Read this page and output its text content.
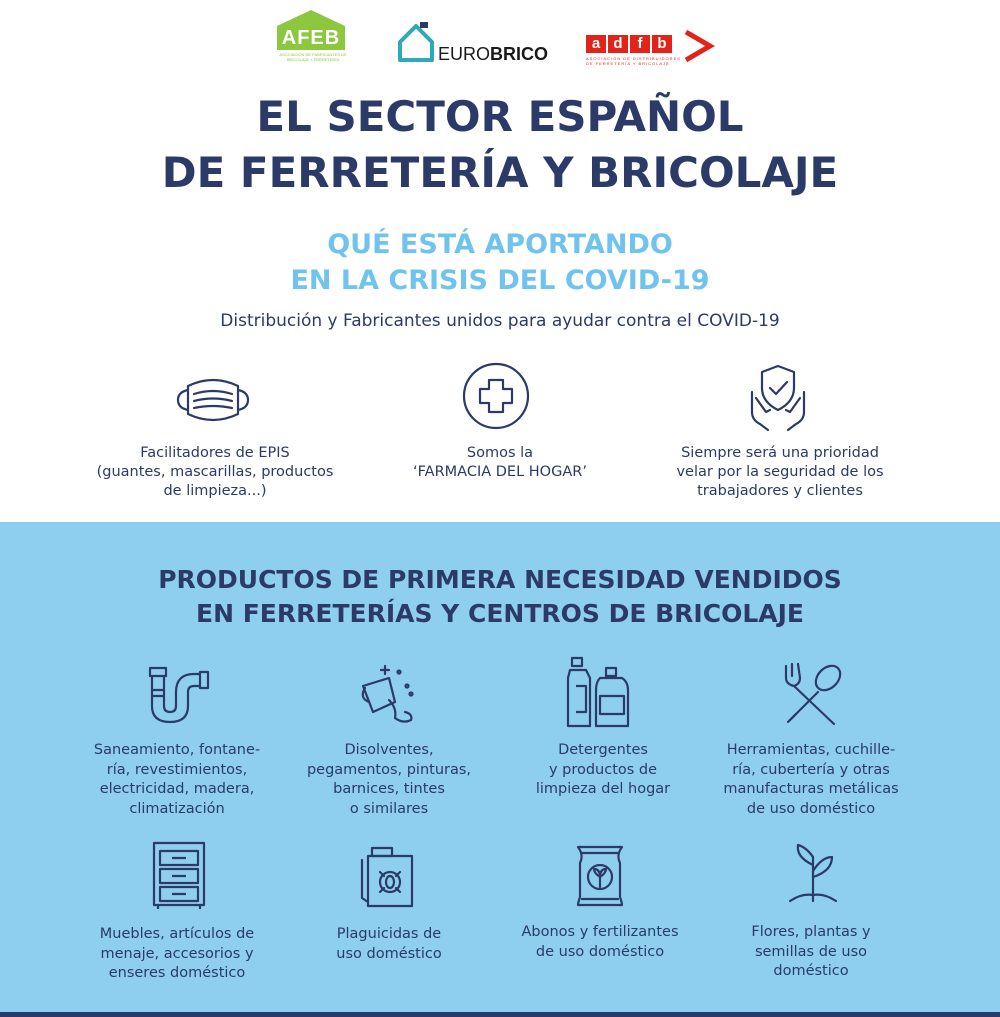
AFEB
ASOCIACIÓN DE FABRICANTES DE BRICOLAJE Y FERRETERÍA	EUROBRICO
a d f b
ASOCIACIÓN DE DISTRIBUIDORES DE FERRETERÍA Y BRICOLAJE
EL SECTOR ESPAÑOL
DE FERRETERÍA Y BRICOLAJE
QUÉ ESTÁ APORTANDO
EN LA CRISIS DEL COVID-19

Distribución y Fabricantes unidos para ayudar contra el COVID-19

Facilitadores de EPIS
(guantes, mascarillas, productos
de limpieza...)

Somos la
‘FARMACIA DEL HOGAR’

Siempre será una prioridad
velar por la seguridad de los
trabajadores y clientes

PRODUCTOS DE PRIMERA NECESIDAD VENDIDOS
EN FERRETERÍAS Y CENTROS DE BRICOLAJE

Saneamiento, fontane-
ría, revestimientos,
electricidad, madera,
climatización

Disolventes,
pegamentos, pinturas,
barnices, tintes
o similares

Detergentes
y productos de
limpieza del hogar

Herramientas, cuchille-
ría, cubertería y otras
manufacturas metálicas
de uso doméstico

Muebles, artículos de
menaje, accesorios y
enseres doméstico

Plaguicidas de
uso doméstico

Abonos y fertilizantes
de uso doméstico

Flores, plantas y
semillas de uso
doméstico
